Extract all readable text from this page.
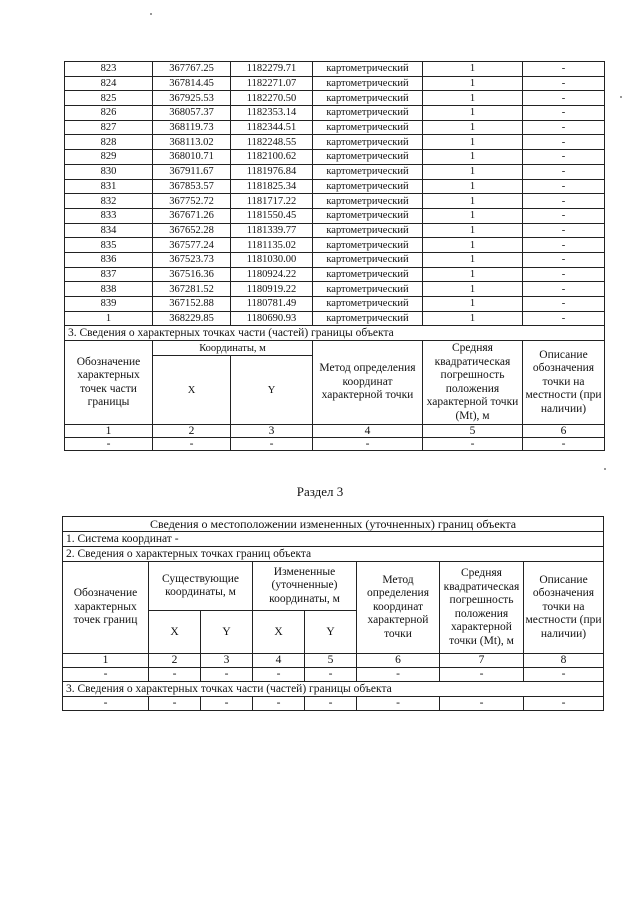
823	367767.25	1182279.71	картометрический	1	-
824	367814.45	1182271.07	картометрический	1	-
825	367925.53	1182270.50	картометрический	1	-
826	368057.37	1182353.14	картометрический	1	-
827	368119.73	1182344.51	картометрический	1	-
828	368113.02	1182248.55	картометрический	1	-
829	368010.71	1182100.62	картометрический	1	-
830	367911.67	1181976.84	картометрический	1	-
831	367853.57	1181825.34	картометрический	1	-
832	367752.72	1181717.22	картометрический	1	-
833	367671.26	1181550.45	картометрический	1	-
834	367652.28	1181339.77	картометрический	1	-
835	367577.24	1181135.02	картометрический	1	-
836	367523.73	1181030.00	картометрический	1	-
837	367516.36	1180924.22	картометрический	1	-
838	367281.52	1180919.22	картометрический	1	-
839	367152.88	1180781.49	картометрический	1	-
1	368229.85	1180690.93	картометрический	1	-
3. Сведения о характерных точках части (частей) границы объекта					
Обозначение характерных точек части границы	Координаты, м		Метод определения координат характерной точки	Средняя квадратическая погрешность положения характерной точки (Mt), м	Описание обозначения точки на местности (при наличии)
	X	Y			
1	2	3	4	5	6
-	-	-	-	-	-
Раздел 3
Сведения о местоположении измененных (уточненных) границ объекта							
1. Система координат -							
2. Сведения о характерных точках границ объекта							
Обозначение характерных точек границ	Существующие координаты, м		Измененные (уточненные) координаты, м		Метод определения координат характерной точки	Средняя квадратическая погрешность положения характерной точки (Mt), м	Описание обозначения точки на местности (при наличии)
	X	Y	X	Y			
1	2	3	4	5	6	7	8
-	-	-	-	-	-	-	-
3. Сведения о характерных точках части (частей) границы объекта							
-	-	-	-	-	-	-	-
